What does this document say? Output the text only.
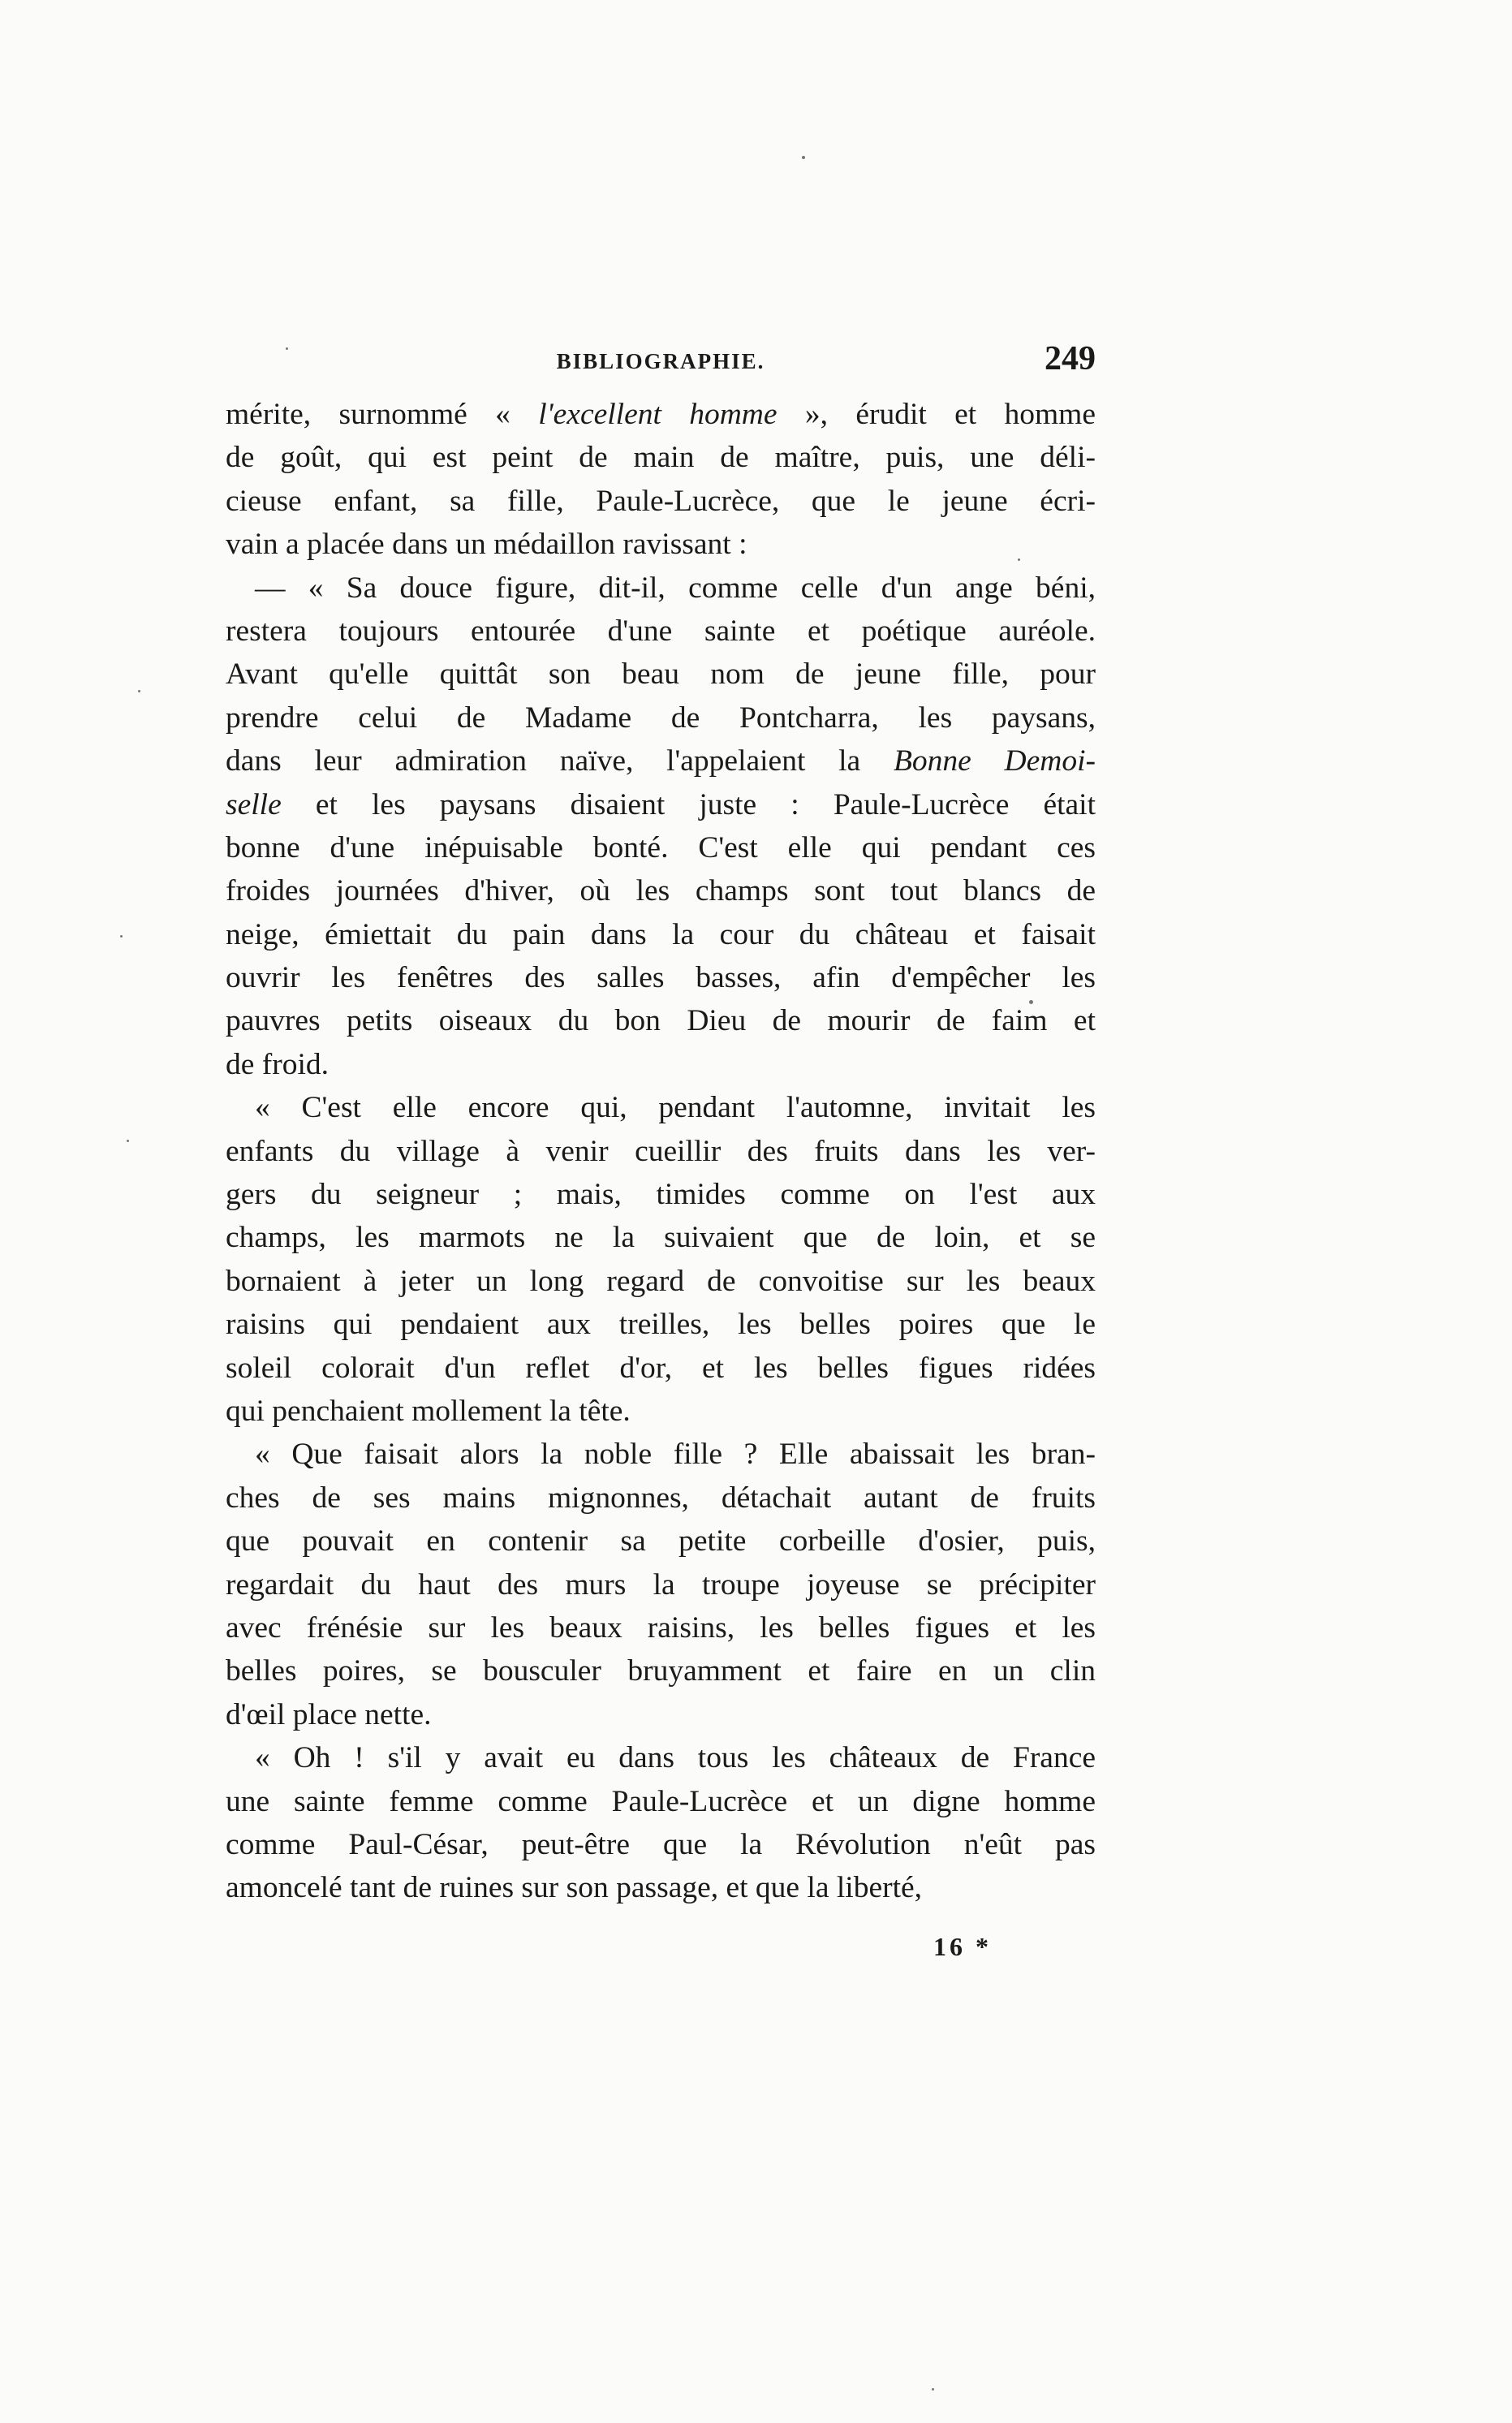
BIBLIOGRAPHIE.	249
mérite, surnommé « l'excellent homme », érudit et homme
de goût, qui est peint de main de maître, puis, une déli-
cieuse enfant, sa fille, Paule-Lucrèce, que le jeune écri-
vain a placée dans un médaillon ravissant :
— « Sa douce figure, dit-il, comme celle d'un ange béni,
restera toujours entourée d'une sainte et poétique auréole.
Avant qu'elle quittât son beau nom de jeune fille, pour
prendre celui de Madame de Pontcharra, les paysans,
dans leur admiration naïve, l'appelaient la Bonne Demoi-
selle et les paysans disaient juste : Paule-Lucrèce était
bonne d'une inépuisable bonté. C'est elle qui pendant ces
froides journées d'hiver, où les champs sont tout blancs de
neige, émiettait du pain dans la cour du château et faisait
ouvrir les fenêtres des salles basses, afin d'empêcher les
pauvres petits oiseaux du bon Dieu de mourir de faim et
de froid.
« C'est elle encore qui, pendant l'automne, invitait les
enfants du village à venir cueillir des fruits dans les ver-
gers du seigneur ; mais, timides comme on l'est aux
champs, les marmots ne la suivaient que de loin, et se
bornaient à jeter un long regard de convoitise sur les beaux
raisins qui pendaient aux treilles, les belles poires que le
soleil colorait d'un reflet d'or, et les belles figues ridées
qui penchaient mollement la tête.
« Que faisait alors la noble fille ? Elle abaissait les bran-
ches de ses mains mignonnes, détachait autant de fruits
que pouvait en contenir sa petite corbeille d'osier, puis,
regardait du haut des murs la troupe joyeuse se précipiter
avec frénésie sur les beaux raisins, les belles figues et les
belles poires, se bousculer bruyamment et faire en un clin
d'œil place nette.
« Oh ! s'il y avait eu dans tous les châteaux de France
une sainte femme comme Paule-Lucrèce et un digne homme
comme Paul-César, peut-être que la Révolution n'eût pas
amoncelé tant de ruines sur son passage, et que la liberté,
16 *
